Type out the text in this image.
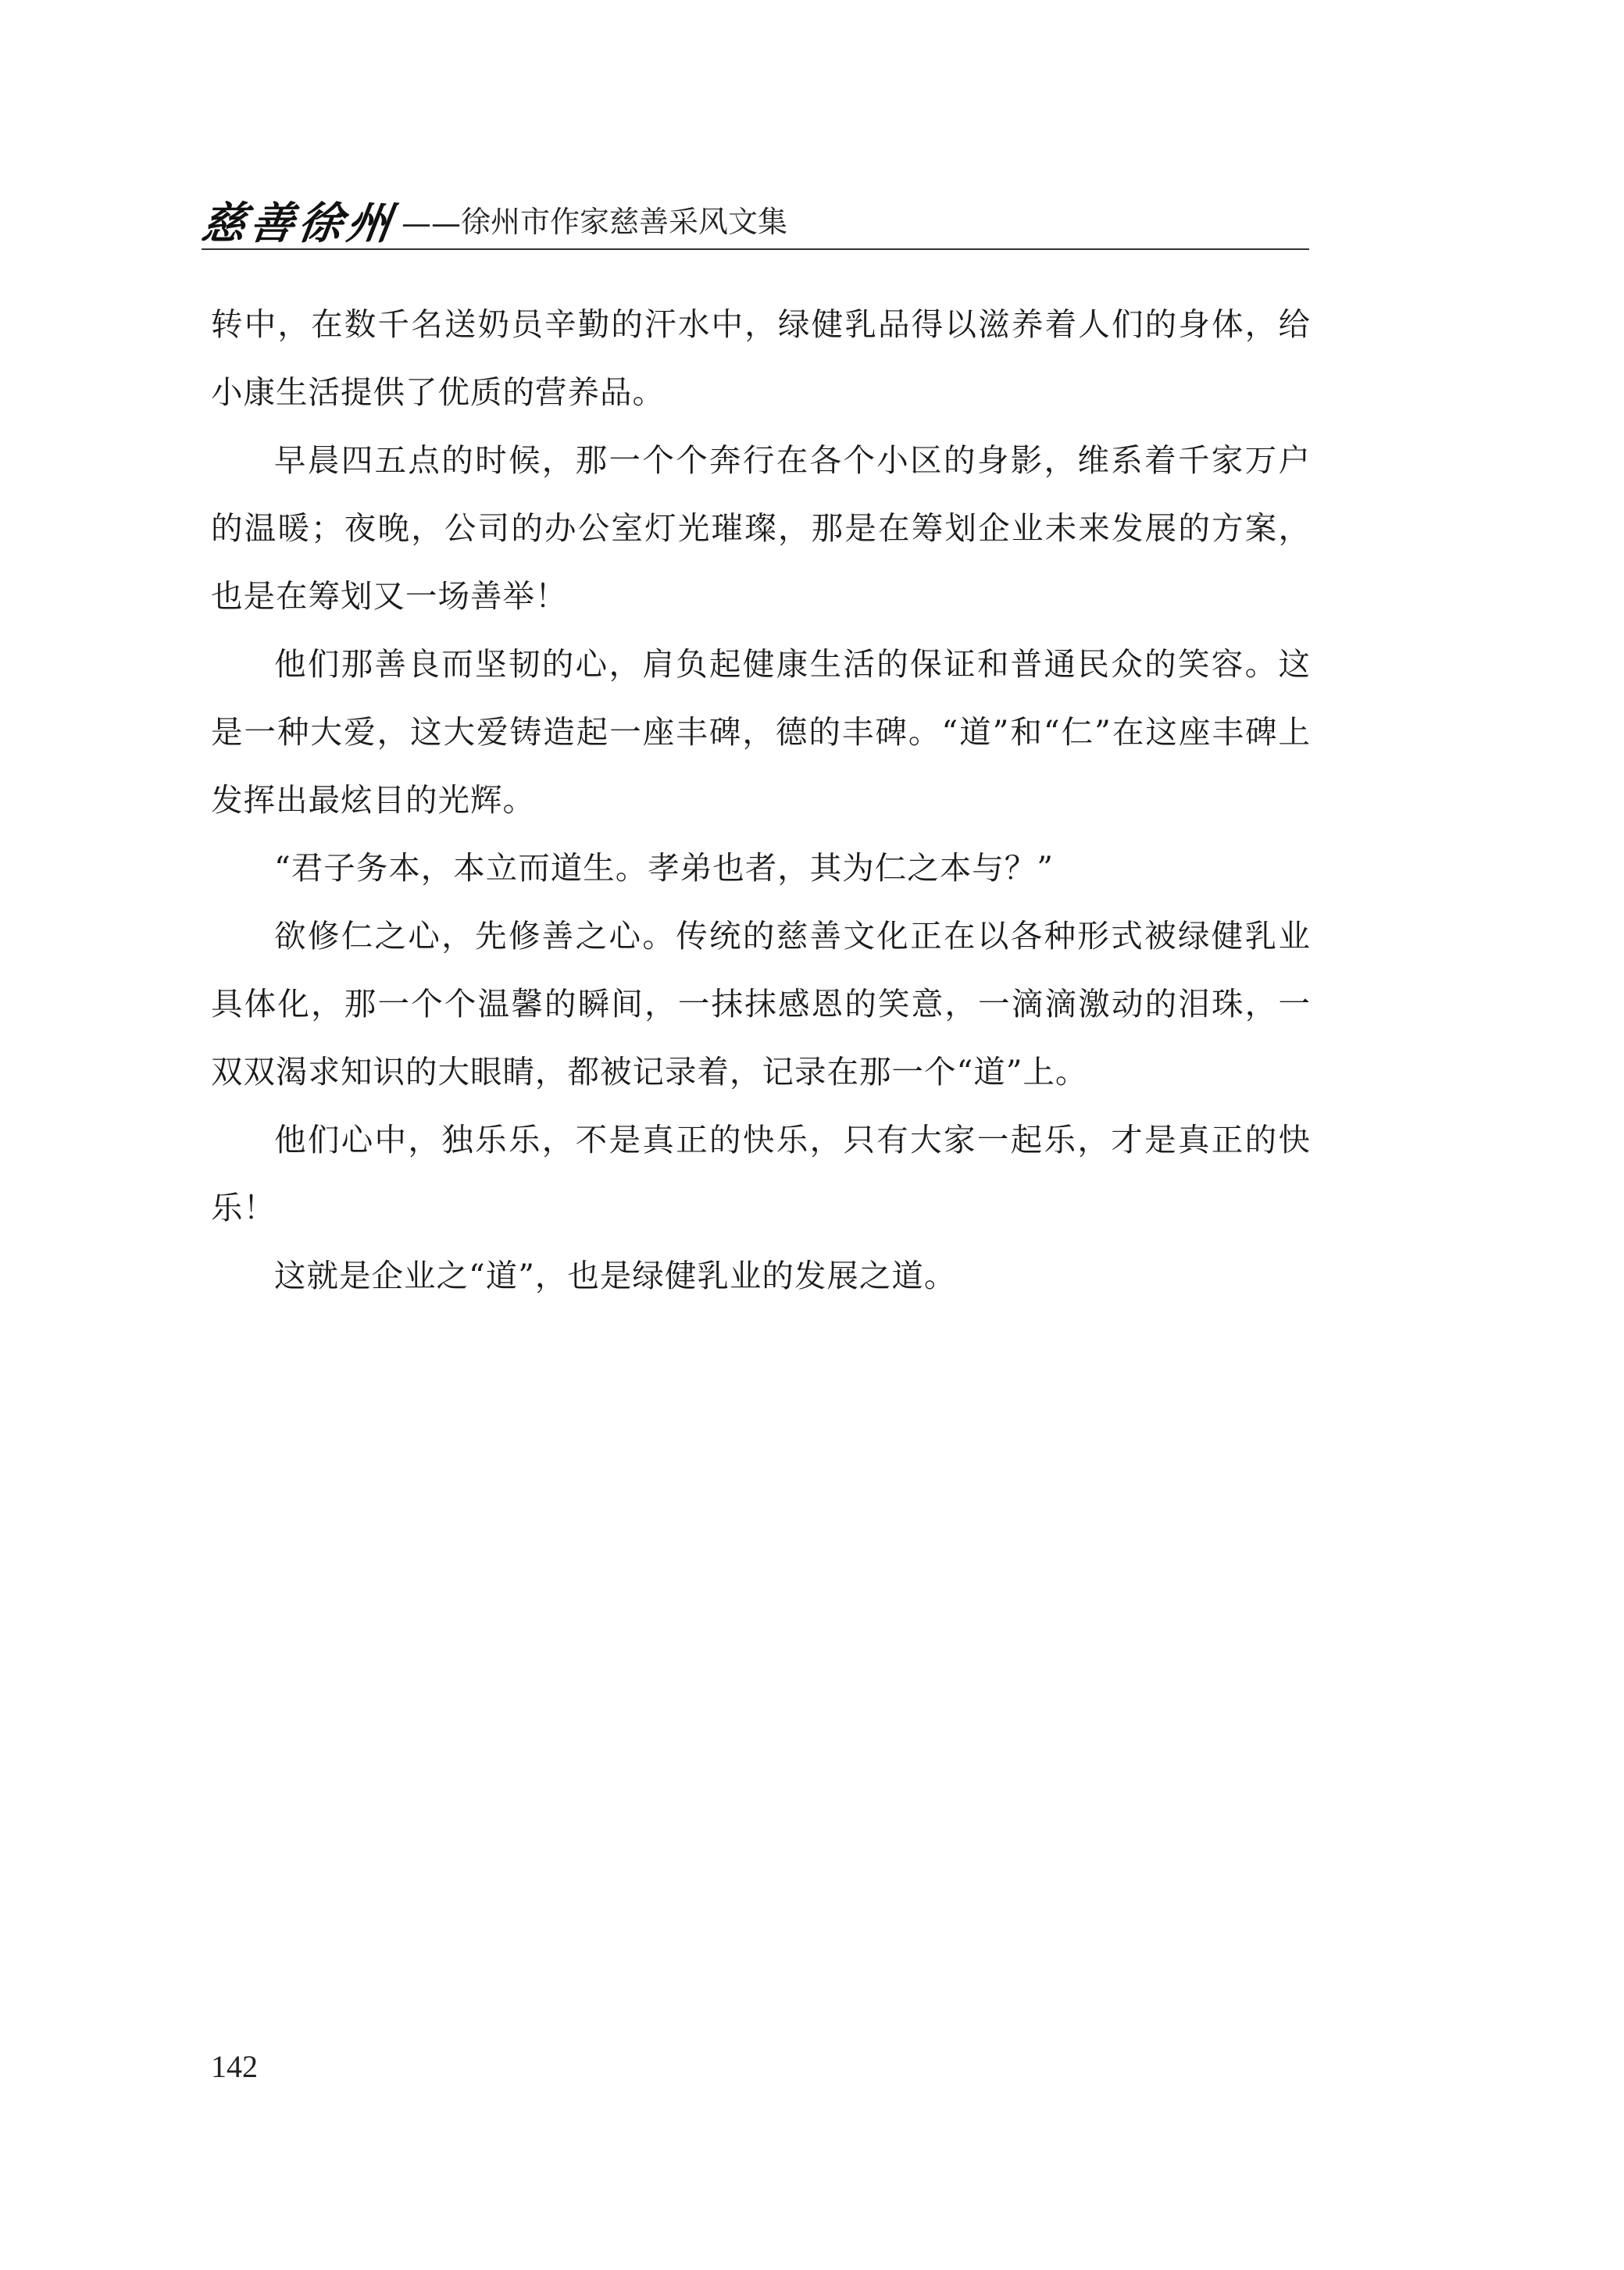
慈善徐州 —— 徐州市作家慈善采风文集

转中，在数千名送奶员辛勤的汗水中，绿健乳品得以滋养着人们的身体，给小康生活提供了优质的营养品。

早晨四五点的时候，那一个个奔行在各个小区的身影，维系着千家万户的温暖；夜晚，公司的办公室灯光璀璨，那是在筹划企业未来发展的方案，也是在筹划又一场善举！

他们那善良而坚韧的心，肩负起健康生活的保证和普通民众的笑容。这是一种大爱，这大爱铸造起一座丰碑，德的丰碑。“道”和“仁”在这座丰碑上发挥出最炫目的光辉。

“君子务本，本立而道生。孝弟也者，其为仁之本与？”

欲修仁之心，先修善之心。传统的慈善文化正在以各种形式被绿健乳业具体化，那一个个温馨的瞬间，一抹抹感恩的笑意，一滴滴激动的泪珠，一双双渴求知识的大眼睛，都被记录着，记录在那一个“道”上。

他们心中，独乐乐，不是真正的快乐，只有大家一起乐，才是真正的快乐！

这就是企业之“道”，也是绿健乳业的发展之道。

142
